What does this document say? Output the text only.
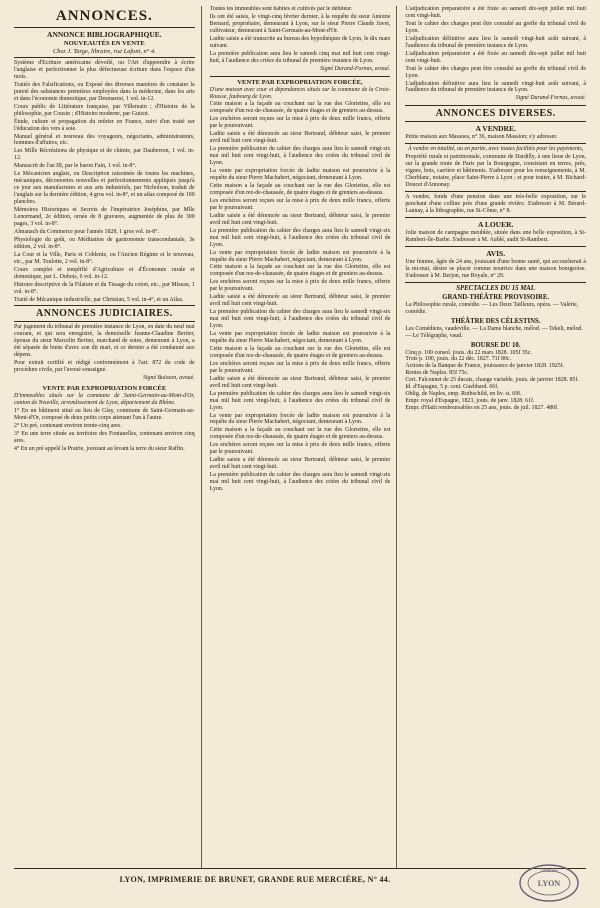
ANNONCES.
ANNONCE BIBLIOGRAPHIQUE.
NOUVEAUTÉS EN VENTE
Chez J. Targe, libraire, rue Lafont, n° 4.

Système d'Ecriture américaine dévoilé, ou l'Art d'apprendre à écrire l'anglaise et perfectionner la plus défectueuse écriture dans l'espace d'un mois.

Traités des Falsifications, ou Exposé des diverses manières de constater la pureté des substances premières employées dans la médecine, dans les arts et dans l'économie domestique, par Desmarest, 1 vol. in-12.

Cours public de Littérature française, par Villemain ; d'Histoire de la philosophie, par Cousin ; d'Histoire moderne, par Guizot.

Étude, culture et propagation du mûrier en France, suivi d'un traité sur l'éducation des vers à soie.

Manuel général et nouveau des voyageurs, négociants, administrateurs, hommes d'affaires, etc.

Les Mille Récréations de physique et de chimie, par Dauberson, 1 vol. in-12.

Manuscrit de l'an III, par le baron Fain, 1 vol. in-8°.

Le Mécanicien anglais, ou Description raisonnée de toutes les machines, mécaniques, découvertes nouvelles et perfectionnements appliqués jusqu'à ce jour aux manufactures et aux arts industriels, par Nicholson, traduit de l'anglais sur la dernière édition, 4 gros vol. in-8°, et un atlas composé de 100 planches.

Mémoires Historiques et Secrets de l'impératrice Joséphine, par Mlle Lenormand, 2e édition, ornée de 8 gravures, augmentée de plus de 300 pages, 3 vol. in-8°.

Almanach du Commerce pour l'année 1828, 1 gros vol. in-8°.

Physiologie du goût, ou Méditation de gastronomie transcendantale, 3e édition, 2 vol. in-8°.

La Cour et la Ville, Paris et Coblentz, ou l'Ancien Régime et le nouveau, etc., par M. Toulotte, 2 vol. in-8°.

Cours complet et simplifié d'Agriculture et d'Économie rurale et domestique, par L. Dubois, 6 vol. in-12.

Histoire descriptive de la Filature et du Tissage du coton, etc., par Miseau, 1 vol. in-8°.

Traité de Mécanique industrielle, par Christian, 5 vol. in-4°, et un Atlas.

ANNONCES JUDICIAIRES.

Par jugement du tribunal de première instance de Lyon, en date du neuf mai courant, et qui sera enregistré, la demoiselle Jeanne-Claudine Bertier, épouse du sieur Marcelin Bertier, marchand de soies, demeurant à Lyon, a été séparée de biens d'avec son dit mari, et ce dernier a été condamné aux dépens.

Pour extrait certifié et rédigé conformément à l'art. 872 du code de procédure civile, par l'avoué soussigné.

Signé Buisson, avoué.

VENTE PAR EXPROPRIATION FORCÉE

D'immeubles situés sur la commune de Saint-Germain-au-Mont-d'Or, canton de Neuville, arrondissement de Lyon, département du Rhône.

1° En un bâtiment situé au lieu de Glay, commune de Saint-Germain-au-Mont-d'Or, composé de deux petits corps attenant l'un à l'autre.

2° Un pré, contenant environ trente-cinq ares.

3° En une terre située au territoire des Fontanelles, contenant environ cinq ares.

4° En un pré appelé la Prairie, jouxtant au levant la terre du sieur Raffin.

Toutes les immeubles sont habités et cultivés par le débiteur.

Ils ont été saisis, le vingt-cinq février dernier, à la requête du sieur Antoine Bernard, propriétaire, demeurant à Lyon, sur le sieur Pierre Claude Juvet, cultivateur, demeurant à Saint-Germain-au-Mont-d'Or.

Ladite saisie a été transcrite au bureau des hypothèques de Lyon, le dix mars suivant.

La première publication aura lieu le samedi cinq mai mil huit cent vingt-huit, à l'audience des criées du tribunal de première instance de Lyon.

Signé Durand-Fornas, avoué.

VENTE PAR EXPROPRIATION FORCÉE,

D'une maison avec cour et dépendances situés sur la commune de la Croix-Rousse, faubourg de Lyon.

Cette maison a la façade au couchant sur la rue des Gloriettes, elle est composée d'un rez-de-chaussée, de quatre étages et de greniers au-dessus.

Les enchères seront reçues sur la mise à prix de deux mille francs, offerte par le poursuivant.

Ladite saisie a été dénoncée au sieur Bertrand, débiteur saisi, le premier avril mil huit cent vingt-huit.

La première publication du cahier des charges aura lieu le samedi vingt-six mai mil huit cent vingt-huit, à l'audience des criées du tribunal civil de Lyon.

La vente par expropriation forcée de ladite maison est poursuivie à la requête du sieur Pierre Machabert, négociant, demeurant à Lyon.

Cette maison a la façade au couchant sur la rue des Gloriettes, elle est composée d'un rez-de-chaussée, de quatre étages et de greniers au-dessus.

Les enchères seront reçues sur la mise à prix de deux mille francs, offerte par le poursuivant.

Ladite saisie a été dénoncée au sieur Bertrand, débiteur saisi, le premier avril mil huit cent vingt-huit.

La première publication du cahier des charges aura lieu le samedi vingt-six mai mil huit cent vingt-huit, à l'audience des criées du tribunal civil de Lyon.

La vente par expropriation forcée de ladite maison est poursuivie à la requête du sieur Pierre Machabert, négociant, demeurant à Lyon.

Cette maison a la façade au couchant sur la rue des Gloriettes, elle est composée d'un rez-de-chaussée, de quatre étages et de greniers au-dessus.

Les enchères seront reçues sur la mise à prix de deux mille francs, offerte par le poursuivant.

Ladite saisie a été dénoncée au sieur Bertrand, débiteur saisi, le premier avril mil huit cent vingt-huit.

La première publication du cahier des charges aura lieu le samedi vingt-six mai mil huit cent vingt-huit, à l'audience des criées du tribunal civil de Lyon.

La vente par expropriation forcée de ladite maison est poursuivie à la requête du sieur Pierre Machabert, négociant, demeurant à Lyon.

Cette maison a la façade au couchant sur la rue des Gloriettes, elle est composée d'un rez-de-chaussée, de quatre étages et de greniers au-dessus.

Les enchères seront reçues sur la mise à prix de deux mille francs, offerte par le poursuivant.

Ladite saisie a été dénoncée au sieur Bertrand, débiteur saisi, le premier avril mil huit cent vingt-huit.

La première publication du cahier des charges aura lieu le samedi vingt-six mai mil huit cent vingt-huit, à l'audience des criées du tribunal civil de Lyon.

La vente par expropriation forcée de ladite maison est poursuivie à la requête du sieur Pierre Machabert, négociant, demeurant à Lyon.

Cette maison a la façade au couchant sur la rue des Gloriettes, elle est composée d'un rez-de-chaussée, de quatre étages et de greniers au-dessus.

Les enchères seront reçues sur la mise à prix de deux mille francs, offerte par le poursuivant.

Ladite saisie a été dénoncée au sieur Bertrand, débiteur saisi, le premier avril mil huit cent vingt-huit.

La première publication du cahier des charges aura lieu le samedi vingt-six mai mil huit cent vingt-huit, à l'audience des criées du tribunal civil de Lyon.

L'adjudication préparatoire a été fixée au samedi dix-sept juillet mil huit cent vingt-huit.

Tout le cahier des charges peut être consulté au greffe du tribunal civil de Lyon.

L'adjudication définitive aura lieu le samedi vingt-huit août suivant, à l'audience du tribunal de première instance de Lyon.

L'adjudication préparatoire a été fixée au samedi dix-sept juillet mil huit cent vingt-huit.

Tout le cahier des charges peut être consulté au greffe du tribunal civil de Lyon.

L'adjudication définitive aura lieu le samedi vingt-huit août suivant, à l'audience du tribunal de première instance de Lyon.

Signé Durand-Fornas, avoué.

ANNONCES DIVERSES.
A VENDRE.

Petite maison aux Massues, n° 36, maison Massion; s'y adresser.

À vendre en totalité, ou en partie, avec toutes facilités pour les payements,

Propriété rurale et patrimoniale, commune de Dardilly, à une lieue de Lyon, sur la grande route de Paris par la Bourgogne, consistant en terres, prés, vignes, bois, carrière et bâtiments. S'adresser pour les renseignements, à M. Cherblanc, notaire, place Saint-Pierre à Lyon ; et pour traiter, à M. Bichard-Doucet d'Annonay.

A vendre, fonds d'une pension dans une très-belle exposition, sur le penchant d'une colline près d'une grande rivière. S'adresser à M. Bérard-Launay, à la lithographie, rue St-Côme, n° 8.

A LOUER.

Jolie maison de campagne meublée, située dans une belle exposition, à St-Rambert-île-Barbe. S'adresser à M. Aublé, audit St-Rambert.

AVIS.

Une femme, âgée de 24 ans, jouissant d'une bonne santé, qui accoucherait à la mi-mai, désire se placer comme nourrice dans une maison bourgeoise. S'adresser à M. Berjon, rue Royale, n° 29.

SPECTACLES DU 15 MAI.
GRAND-THÉÂTRE PROVISOIRE.
La Philosophie rurale, comédie. — Les Deux Tailleurs, opéra. — Valérie, comédie.
THÉÂTRE DES CÉLESTINS.
Les Comédiens, vaudeville. — La Dame blanche, mélod. — Tekeli, mélod. — Le Télégraphe, vaud.
BOURSE DU 10.
Cinq p. 100 consol. jouis. du 22 mars 1828. 105f 35c.
Trois p. 100, jouis. du 22 déc. 1827. 71f 80c.
Actions de la Banque de France, jouissance de janvier 1828. 1925f.
Rentes de Naples. 85f 75c.
Cert. Falconnet de 25 ducats, change variable, jouis. de janvier 1828. 85f.
Id. d'Espagne, 5 p. cent. Guebhard. 66f.
Oblig. de Naples, emp. Rothschild, en liv. st. 69f.
Empr. royal d'Espagne, 1823, jouis. de janv. 1828. 61f.
Empr. d'Haïti remboursables en 25 ans, jouis. de juil. 1827. 480f.
LYON, IMPRIMERIE DE BRUNET, GRANDE RUE MERCIÈRE, N° 44.
TIMBRE
LYON
